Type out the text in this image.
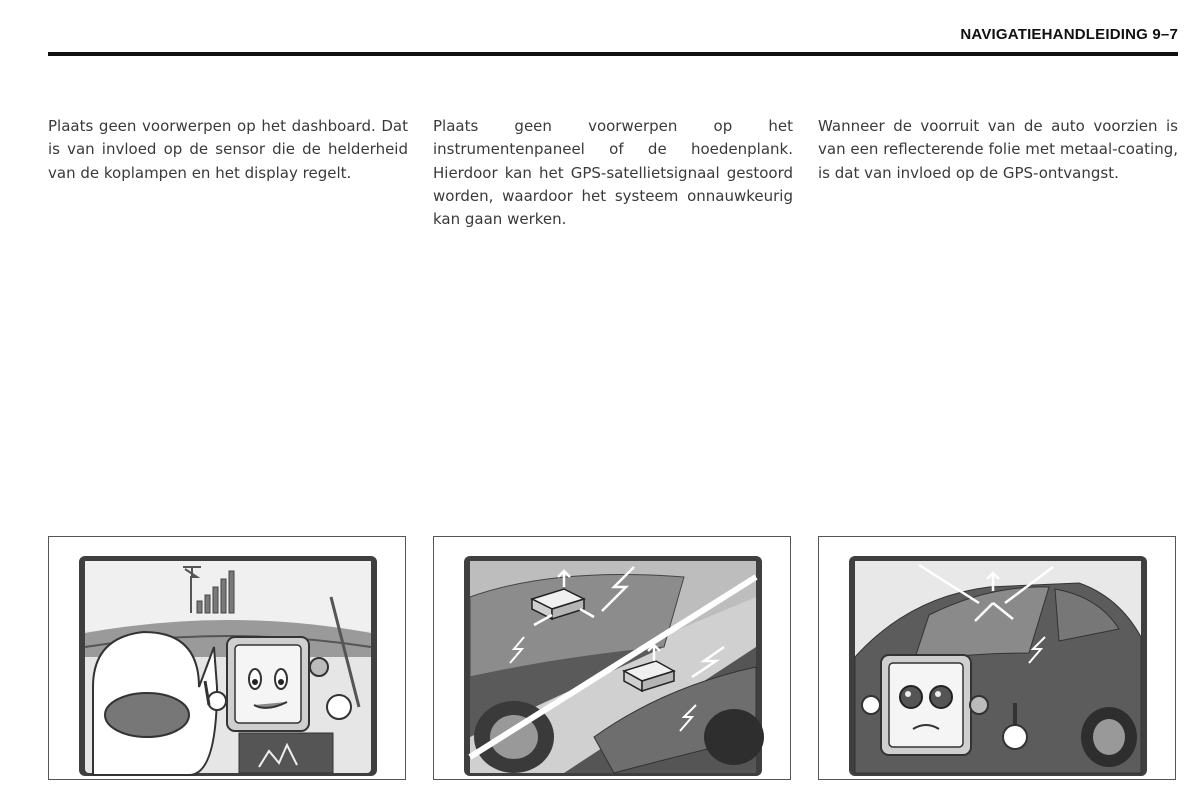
NAVIGATIEHANDLEIDING 9–7

Plaats geen voorwerpen op het dashboard. Dat is van invloed op de sensor die de helderheid van de koplampen en het display regelt.

Plaats geen voorwerpen op het instrumentenpaneel of de hoedenplank. Hierdoor kan het GPS-satellietsignaal gestoord worden, waardoor het systeem onnauwkeurig kan gaan werken.

Wanneer de voorruit van de auto voorzien is van een reflecterende folie met metaal-coating, is dat van invloed op de GPS-ontvangst.
